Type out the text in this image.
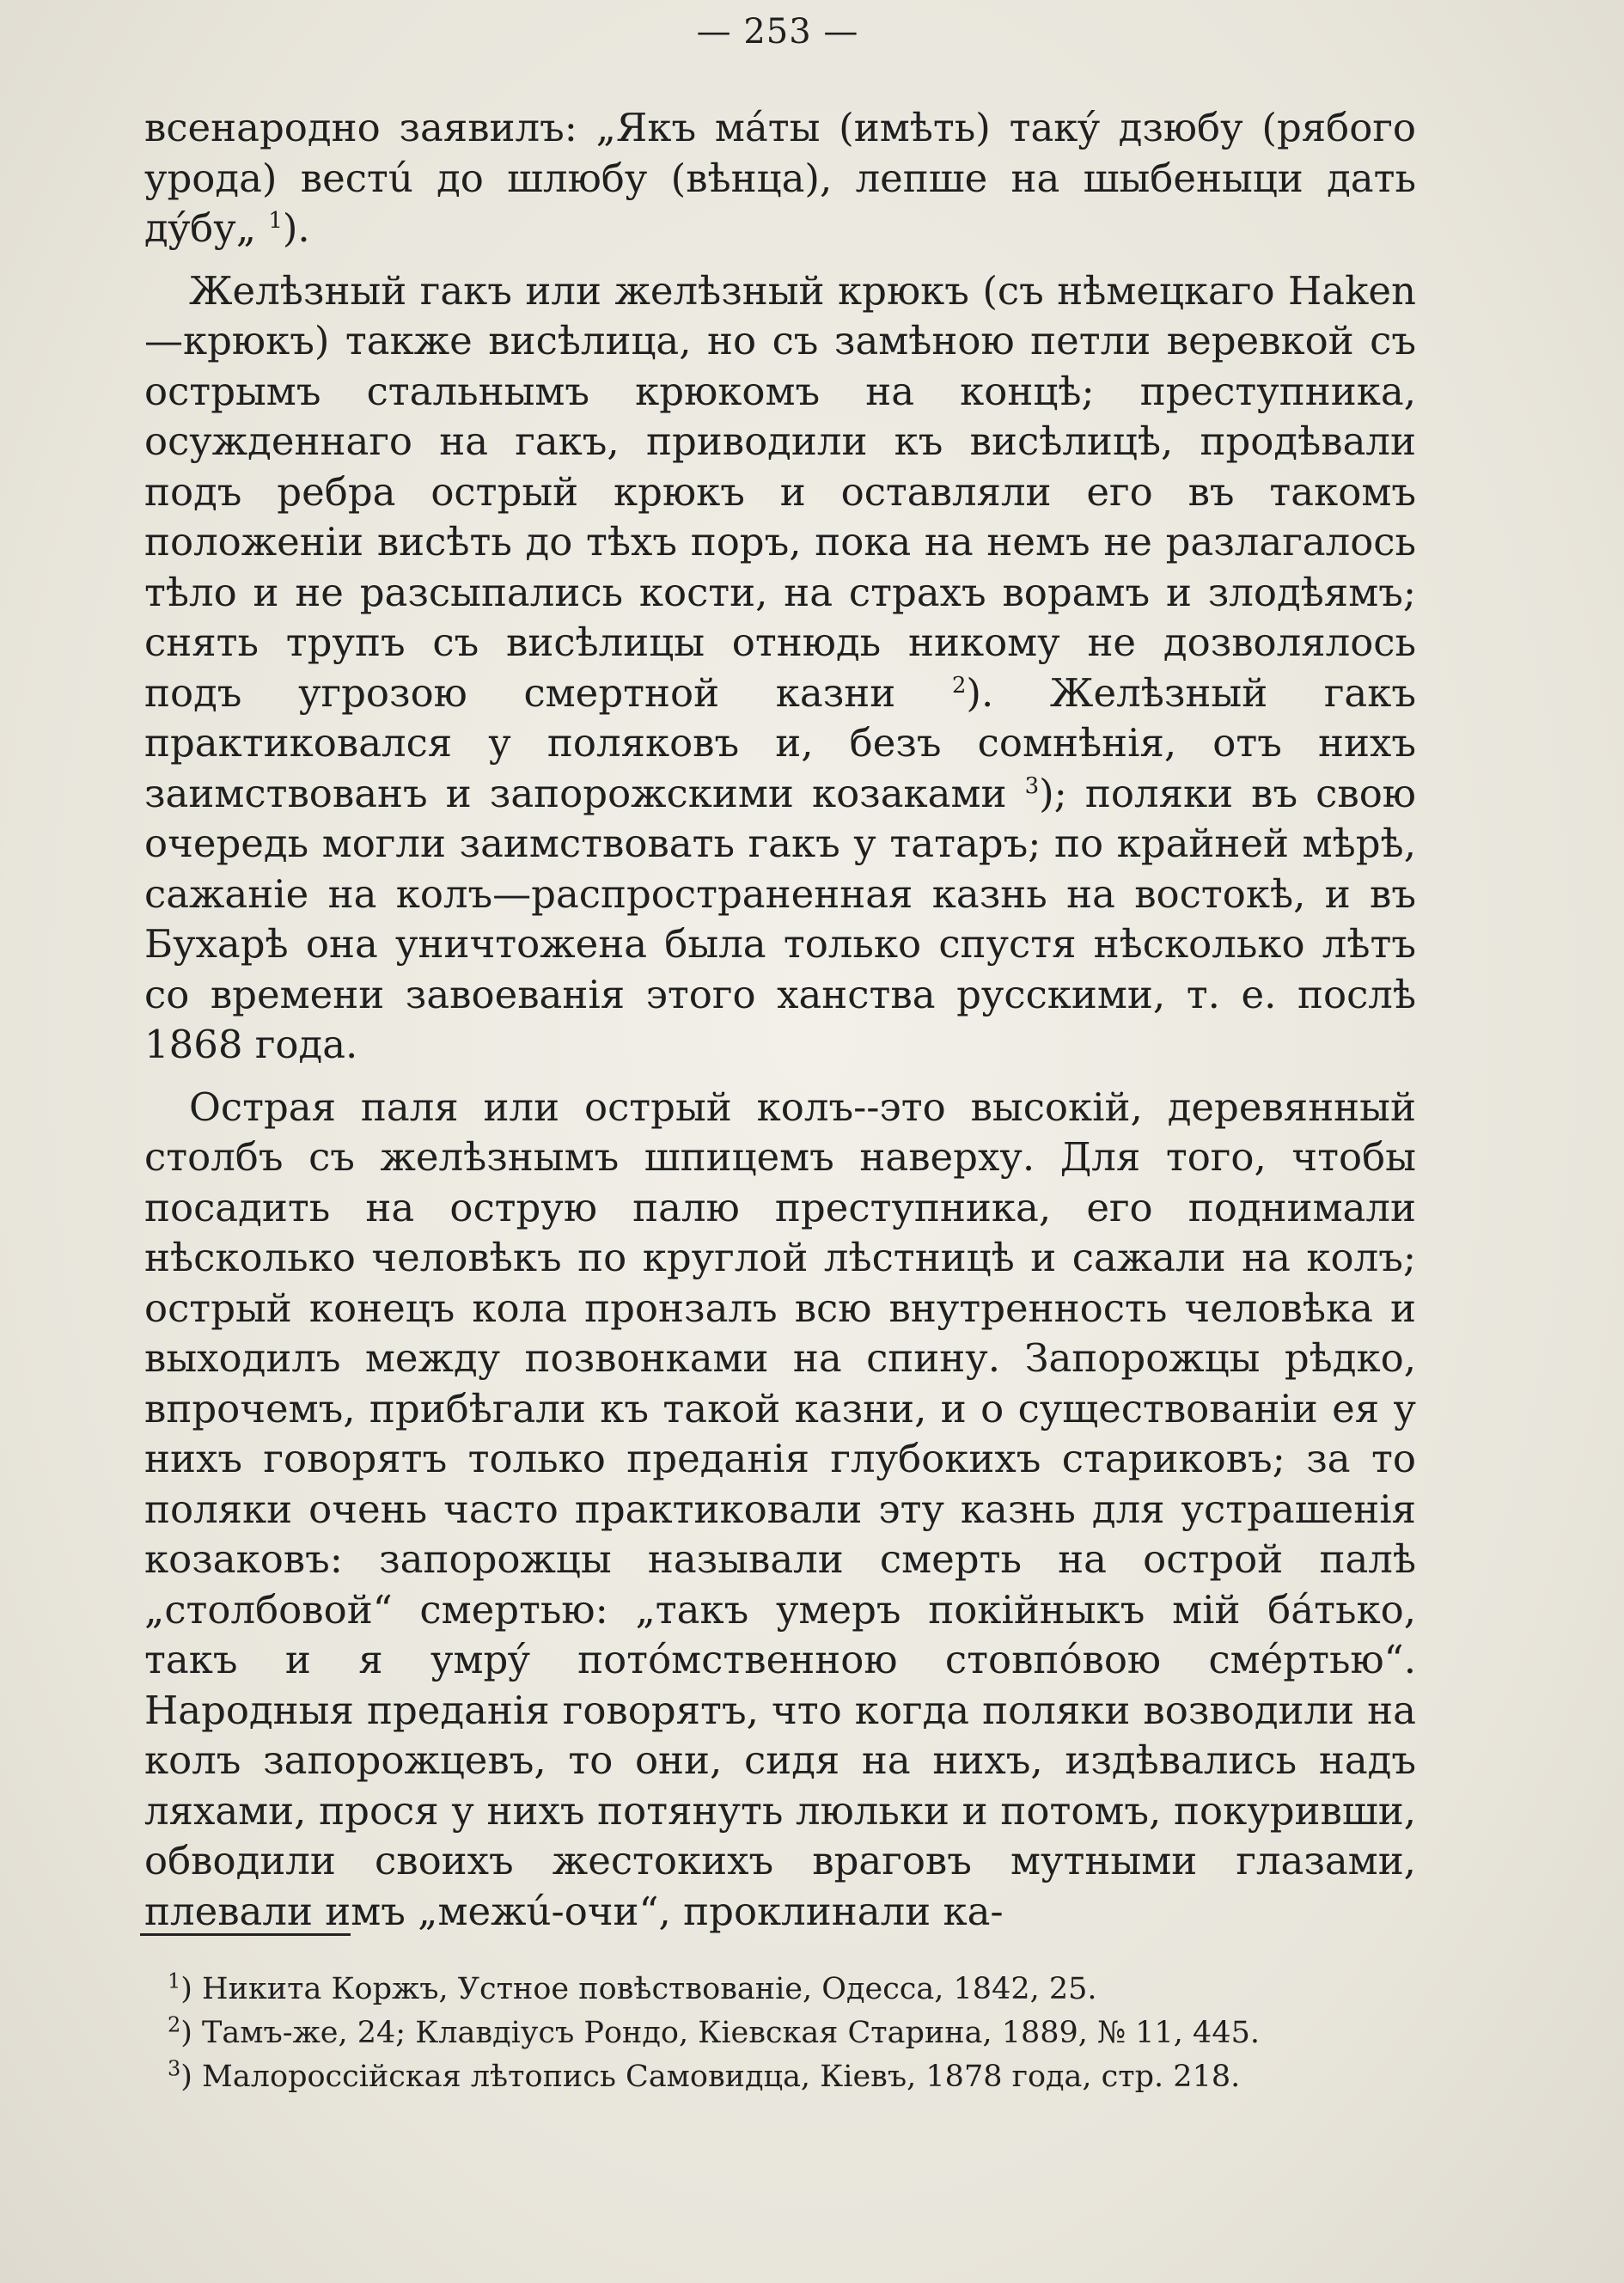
— 253 —

всенародно заявилъ: „Якъ мáты (имѣть) такý дзюбу (рябого урода) вестú до шлюбу (вѣнца), лепше на шыбеныци дать дýбу„ $^1$).

Желѣзный гакъ или желѣзный крюкъ (съ нѣмецкаго Haken—крюкъ) также висѣлица, но съ замѣною петли веревкой съ острымъ стальнымъ крюкомъ на концѣ; преступника, осужденнаго на гакъ, приводили къ висѣлицѣ, продѣвали подъ ребра острый крюкъ и оставляли его въ такомъ положеніи висѣть до тѣхъ поръ, пока на немъ не разлагалось тѣло и не разсыпались кости, на страхъ ворамъ и злодѣямъ; снять трупъ съ висѣлицы отнюдь никому не дозволялось подъ угрозою смертной казни $^2$). Желѣзный гакъ практиковался у поляковъ и, безъ сомнѣнія, отъ нихъ заимствованъ и запорожскими козаками $^3$); поляки въ свою очередь могли заимствовать гакъ у татаръ; по крайней мѣрѣ, сажаніе на колъ—распространенная казнь на востокѣ, и въ Бухарѣ она уничтожена была только спустя нѣсколько лѣтъ со времени завоеванія этого ханства русскими, т. е. послѣ 1868 года.

Острая паля или острый колъ--это высокій, деревянный столбъ съ желѣзнымъ шпицемъ наверху. Для того, чтобы посадить на острую палю преступника, его поднимали нѣсколько человѣкъ по круглой лѣстницѣ и сажали на колъ; острый конецъ кола пронзалъ всю внутренность человѣка и выходилъ между позвонками на спину. Запорожцы рѣдко, впрочемъ, прибѣгали къ такой казни, и о существованіи ея у нихъ говорятъ только преданія глубокихъ стариковъ; за то поляки очень часто практиковали эту казнь для устрашенія козаковъ: запорожцы называли смерть на острой палѣ „столбовой“ смертью: „такъ умеръ покійныкъ мій бáтько, такъ и я умрý потóмственною стовпóвою смéртью“. Народныя преданія говорятъ, что когда поляки возводили на колъ запорожцевъ, то они, сидя на нихъ, издѣвались надъ ляхами, прося у нихъ потянуть люльки и потомъ, покуривши, обводили своихъ жестокихъ враговъ мутными глазами, плевали имъ „межú-очи“, проклинали ка-

$^1$) Никита Коржъ, Устное повѣствованіе, Одесса, 1842, 25.
$^2$) Тамъ-же, 24; Клавдіусъ Рондо, Кіевская Старина, 1889, № 11, 445.
$^3$) Малороссійская лѣтопись Самовидца, Кіевъ, 1878 года, стр. 218.
